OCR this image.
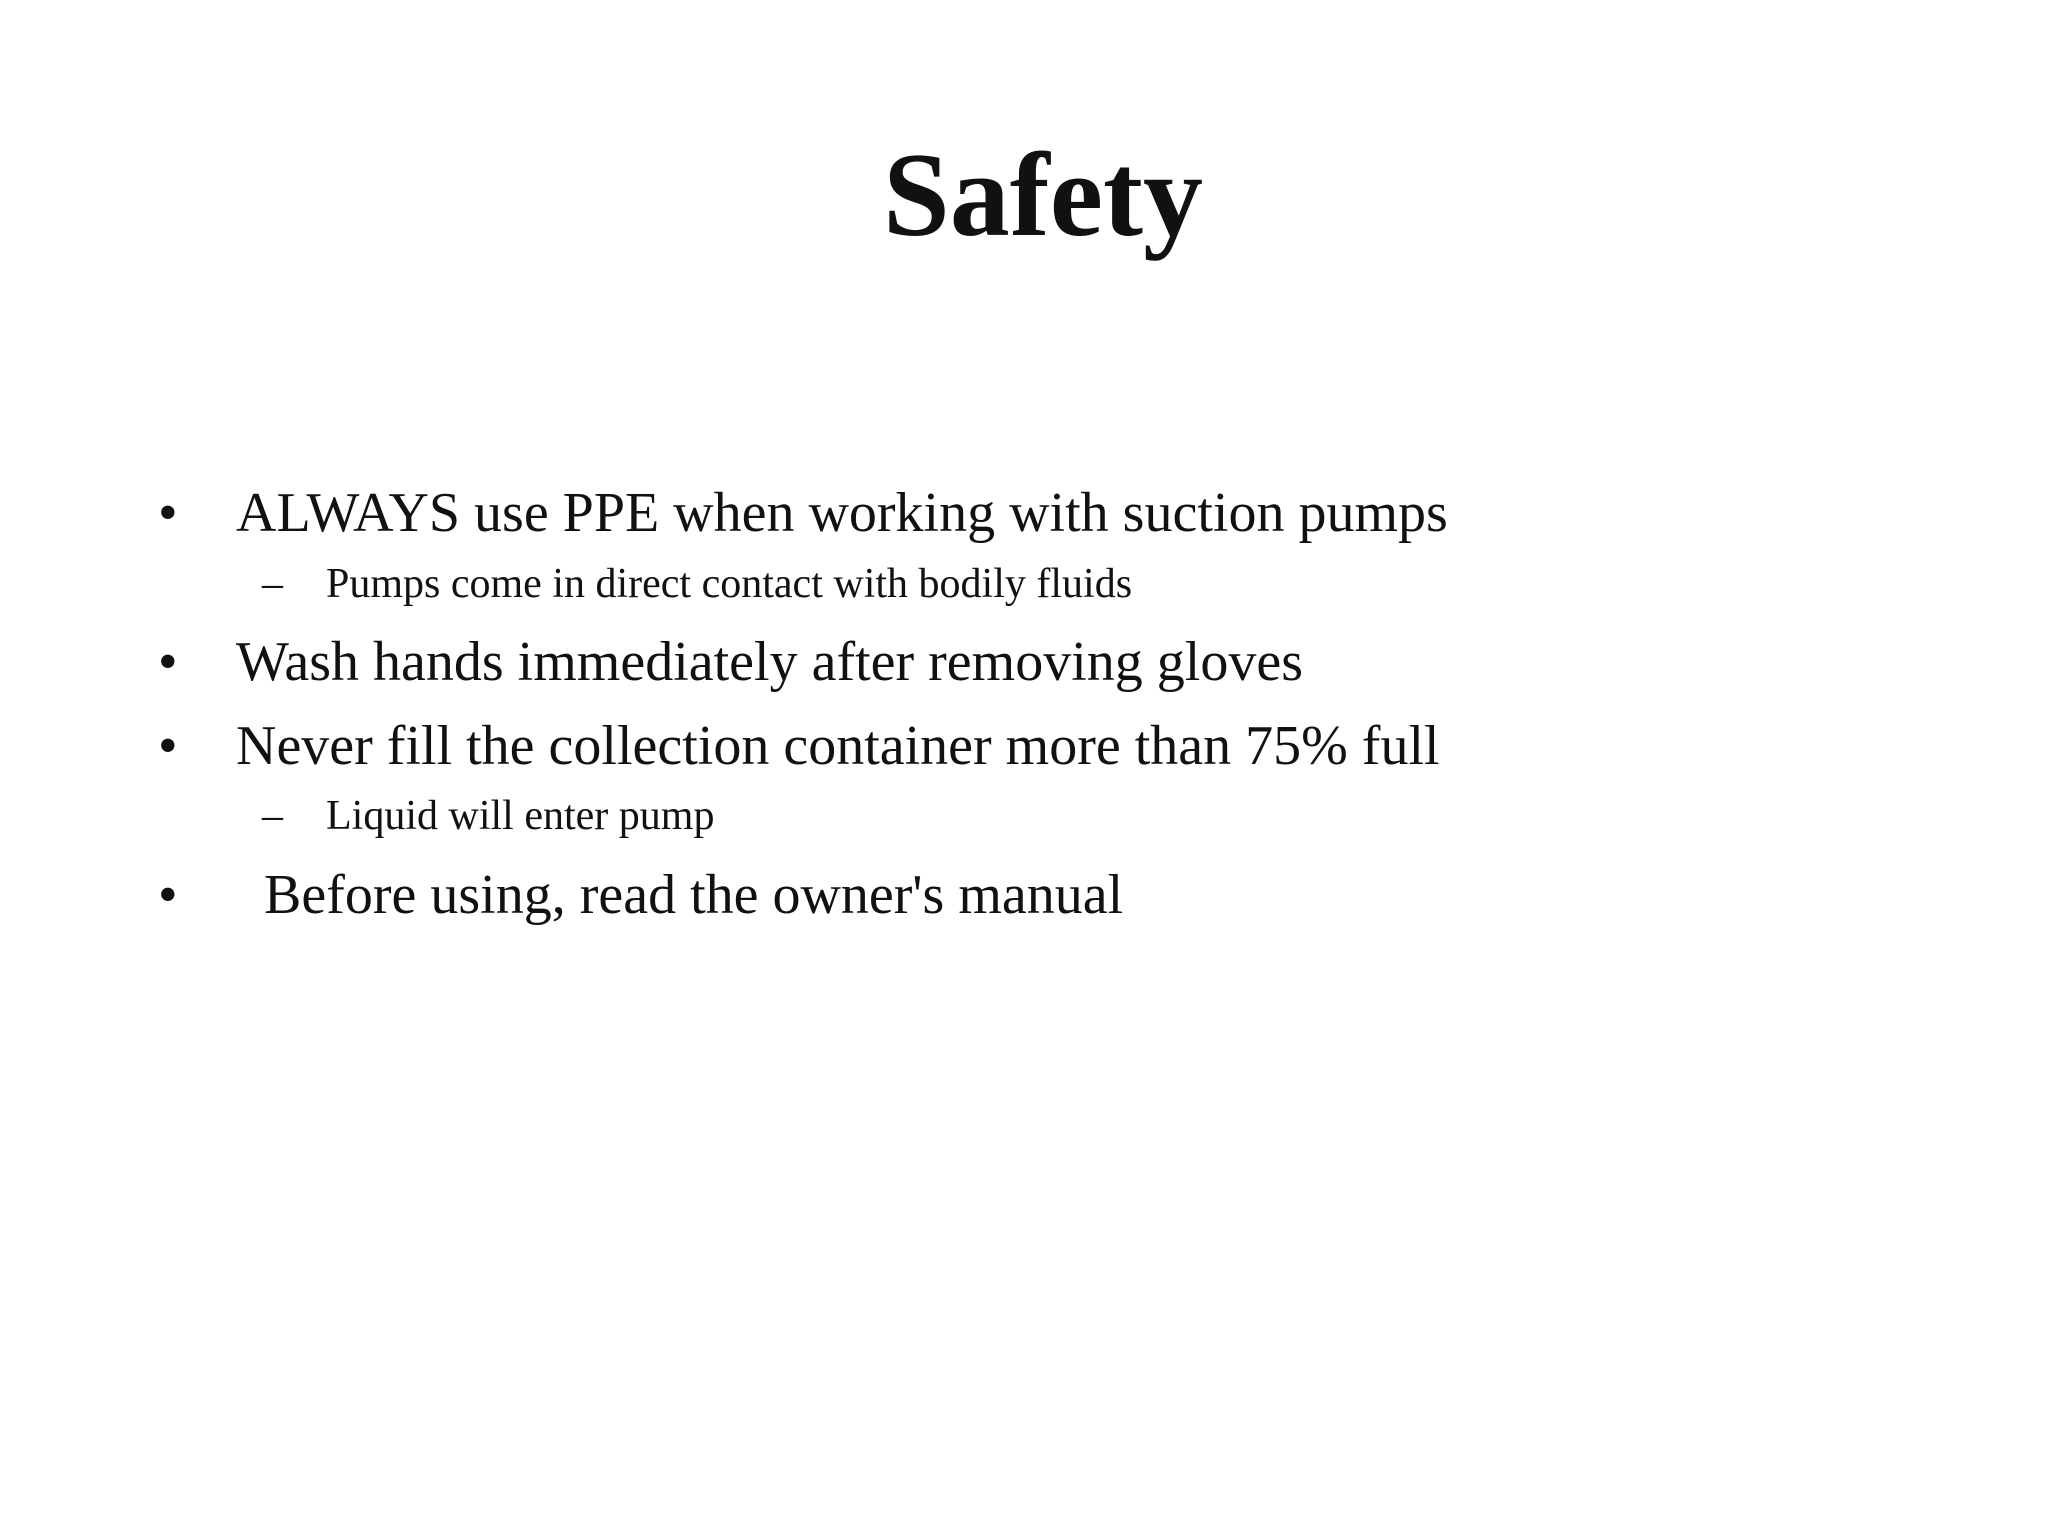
Safety
• ALWAYS use PPE when working with suction pumps
– Pumps come in direct contact with bodily fluids
• Wash hands immediately after removing gloves
• Never fill the collection container more than 75% full
– Liquid will enter pump
• Before using, read the owner's manual
